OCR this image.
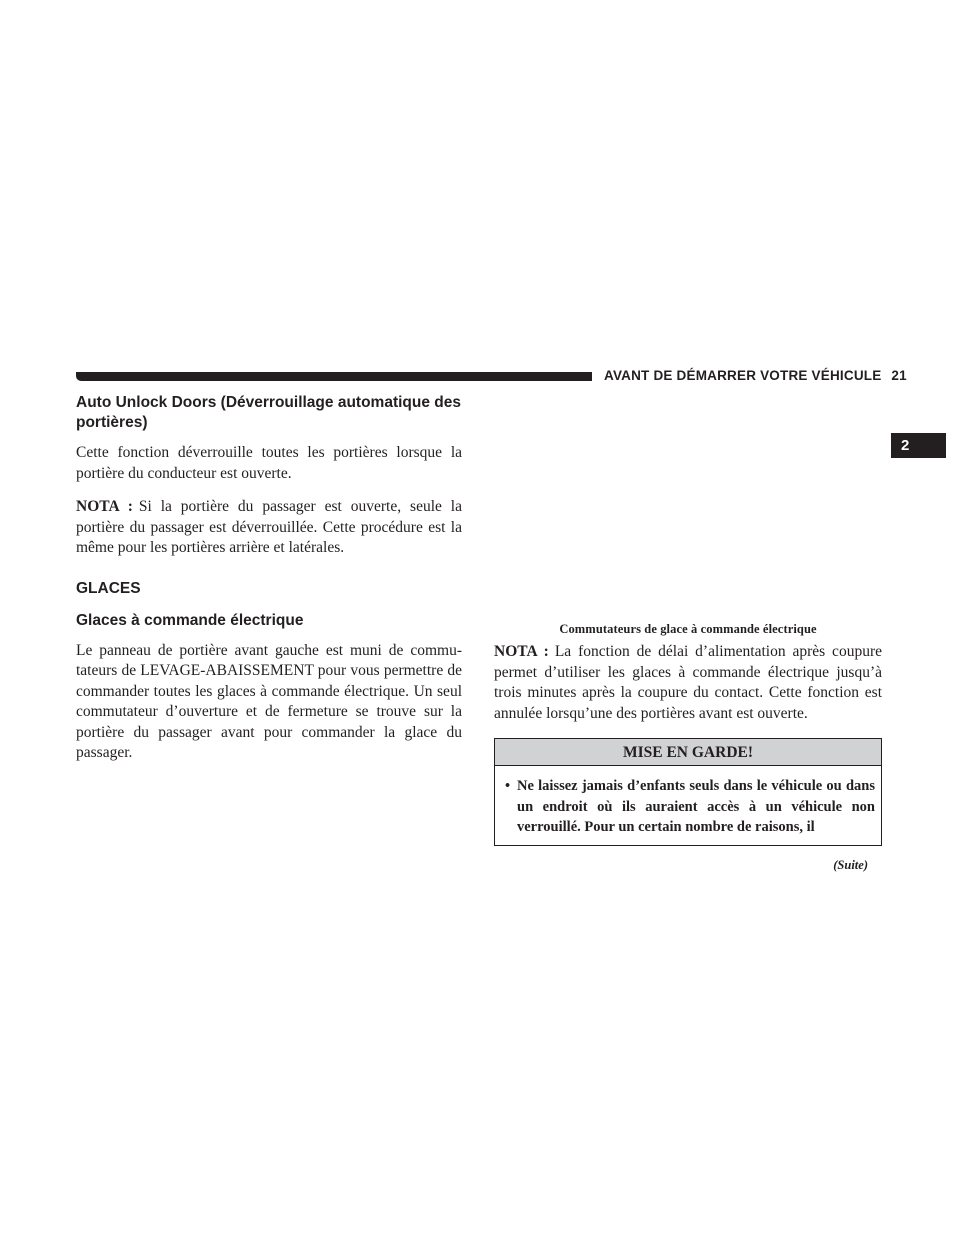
AVANT DE DÉMARRER VOTRE VÉHICULE 21
2
Auto Unlock Doors (Déverrouillage automatique des portières)

Cette fonction déverrouille toutes les portières lorsque la portière du conducteur est ouverte.

NOTA : Si la portière du passager est ouverte, seule la portière du passager est déverrouillée. Cette procédure est la même pour les portières arrière et latérales.

GLACES
Glaces à commande électrique

Le panneau de portière avant gauche est muni de commu-tateurs de LEVAGE-ABAISSEMENT pour vous permettre de commander toutes les glaces à commande électrique. Un seul commutateur d’ouverture et de fermeture se trouve sur la portière du passager avant pour commander la glace du passager.

Commutateurs de glace à commande électrique

NOTA : La fonction de délai d’alimentation après coupure permet d’utiliser les glaces à commande électrique jusqu’à trois minutes après la coupure du contact. Cette fonction est annulée lorsqu’une des portières avant est ouverte.

MISE EN GARDE!
• Ne laissez jamais d’enfants seuls dans le véhicule ou dans un endroit où ils auraient accès à un véhicule non verrouillé. Pour un certain nombre de raisons, il
(Suite)
